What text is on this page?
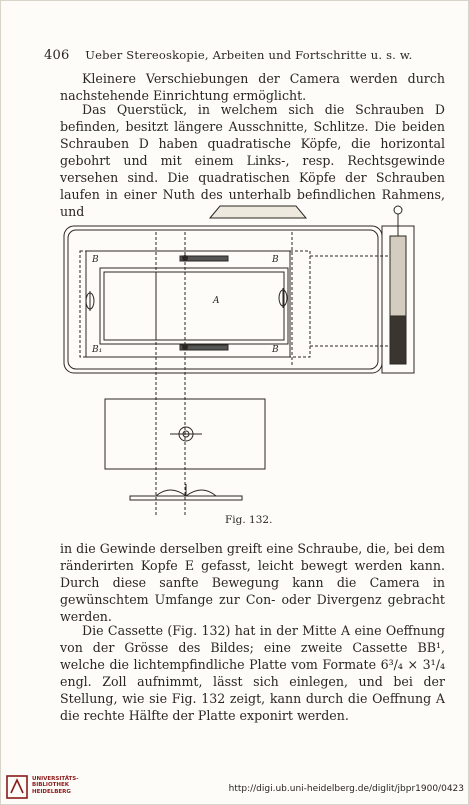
406 Ueber Stereoskopie, Arbeiten und Fortschritte u. s. w.

Kleinere Verschiebungen der Camera werden durch nachstehende Einrichtung ermöglicht.

Das Querstück, in welchem sich die Schrauben D befinden, besitzt längere Ausschnitte, Schlitze. Die beiden Schrauben D haben quadratische Köpfe, die horizontal gebohrt und mit einem Links-, resp. Rechtsgewinde versehen sind. Die quadratischen Köpfe der Schrauben laufen in einer Nuth des unterhalb befindlichen Rahmens, und

B	B
B₁	B
A
Fig. 132.

in die Gewinde derselben greift eine Schraube, die, bei dem ränderirten Kopfe E gefasst, leicht bewegt werden kann. Durch diese sanfte Bewegung kann die Camera in gewünschtem Umfange zur Con- oder Divergenz gebracht werden.

Die Cassette (Fig. 132) hat in der Mitte A eine Oeffnung von der Grösse des Bildes; eine zweite Cassette BB¹, welche die lichtempfindliche Platte vom Formate 6³/₄ × 3¹/₄ engl. Zoll aufnimmt, lässt sich einlegen, und bei der Stellung, wie sie Fig. 132 zeigt, kann durch die Oeffnung A die rechte Hälfte der Platte exponirt werden.

UNIVERSITÄTS-
BIBLIOTHEK
HEIDELBERG	http://digi.ub.uni-heidelberg.de/diglit/jbpr1900/0423
